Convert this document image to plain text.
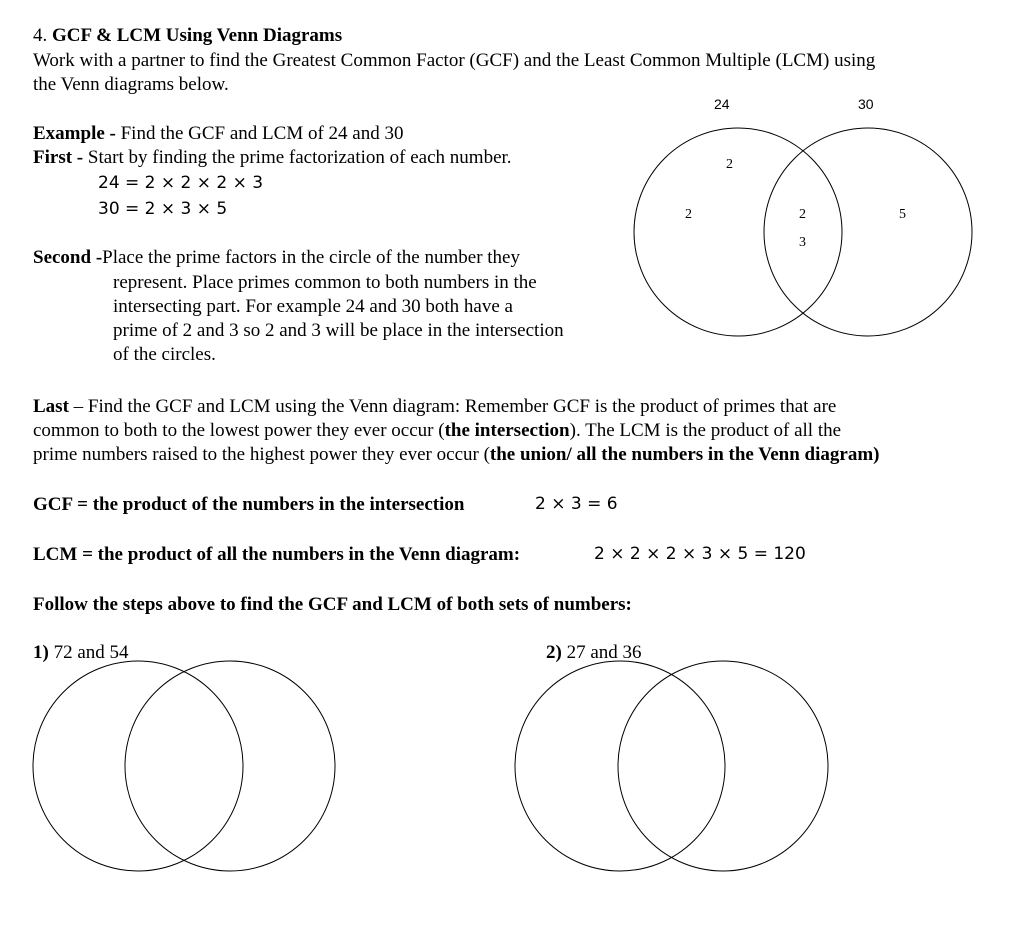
4. GCF & LCM Using Venn Diagrams
Work with a partner to find the Greatest Common Factor (GCF) and the Least Common Multiple (LCM) using
the Venn diagrams below.
Example - Find the GCF and LCM of 24 and 30
First - Start by finding the prime factorization of each number.
24 = 2 × 2 × 2 × 3
30 = 2 × 3 × 5
Second -Place the prime factors in the circle of the number they
represent. Place primes common to both numbers in the
intersecting part. For example 24 and 30 both have a
prime of 2 and 3 so 2 and 3 will be place in the intersection
of the circles.
24	30
2
2	2
3
5
Last – Find the GCF and LCM using the Venn diagram: Remember GCF is the product of primes that are
common to both to the lowest power they ever occur (the intersection). The LCM is the product of all the
prime numbers raised to the highest power they ever occur (the union/ all the numbers in the Venn diagram)
GCF = the product of the numbers in the intersection	2 × 3 = 6
LCM = the product of all the numbers in the Venn diagram:	2 × 2 × 2 × 3 × 5 = 120
Follow the steps above to find the GCF and LCM of both sets of numbers:
1) 72 and 54	2) 27 and 36
